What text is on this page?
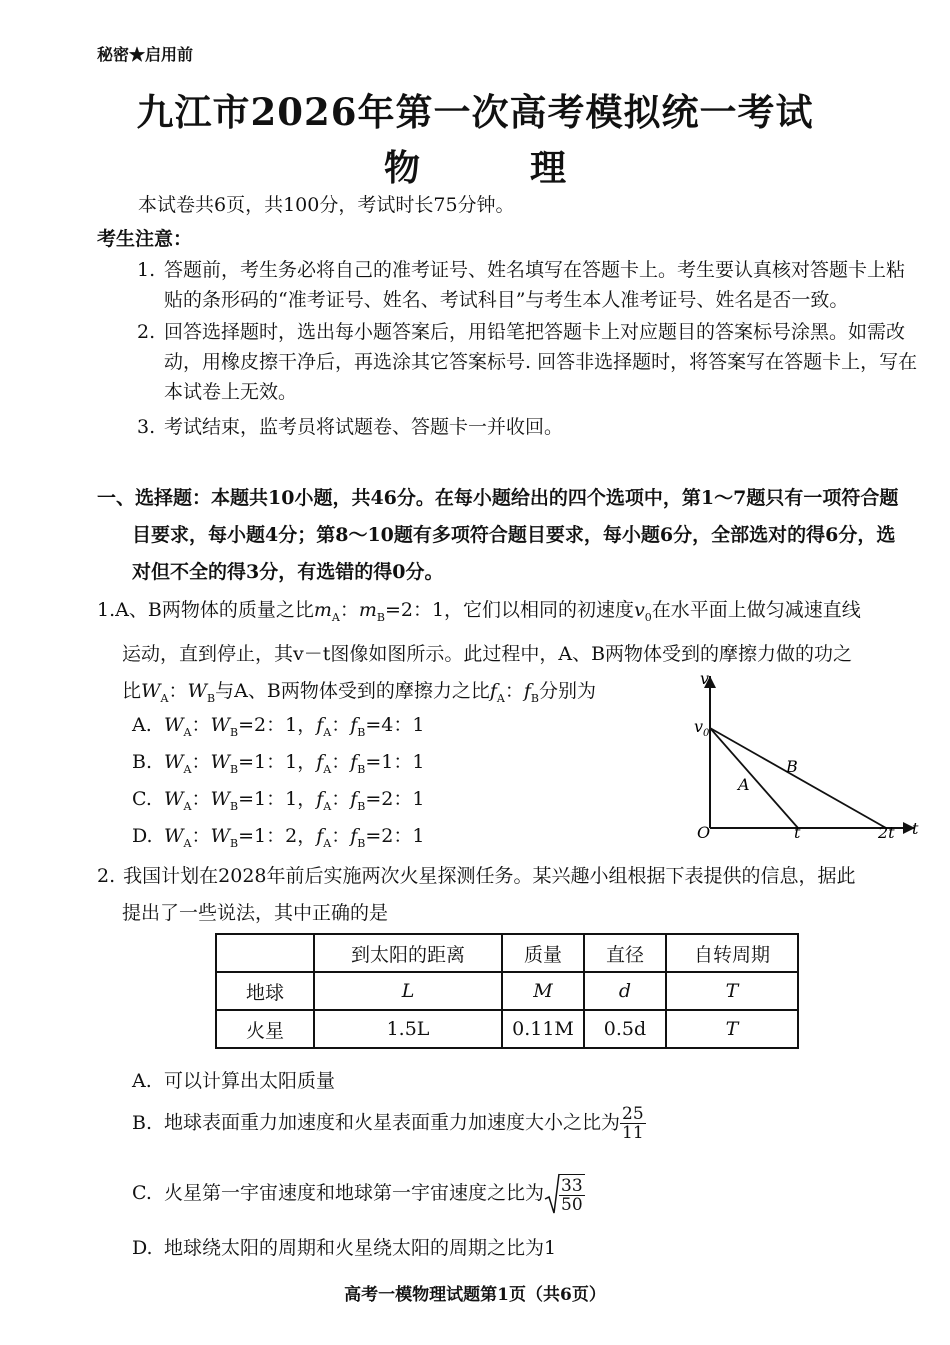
秘密★启用前
九江市2026年第一次高考模拟统一考试
物	理
本试卷共6页，共100分，考试时长75分钟。
考生注意：
1. 答题前，考生务必将自己的准考证号、姓名填写在答题卡上。考生要认真核对答题卡上粘贴的条形码的“准考证号、姓名、考试科目”与考生本人准考证号、姓名是否一致。
2. 回答选择题时，选出每小题答案后，用铅笔把答题卡上对应题目的答案标号涂黑。如需改动，用橡皮擦干净后，再选涂其它答案标号. 回答非选择题时，将答案写在答题卡上，写在本试卷上无效。
3. 考试结束，监考员将试题卷、答题卡一并收回。
一、选择题：本题共10小题，共46分。在每小题给出的四个选项中，第1～7题只有一项符合题
目要求，每小题4分；第8～10题有多项符合题目要求，每小题6分，全部选对的得6分，选
对但不全的得3分，有选错的得0分。
1.A、B两物体的质量之比$m_A$：$m_B=2$：1，它们以相同的初速度$v_0$在水平面上做匀减速直线
运动，直到停止，其v－t图像如图所示。此过程中，A、B两物体受到的摩擦力做的功之
比$W_A$：$W_B$与A、B两物体受到的摩擦力之比$f_A$：$f_B$分别为
A. $W_A$：$W_B=2$：1，$f_A$：$f_B=4$：1
B. $W_A$：$W_B=1$：1，$f_A$：$f_B=1$：1
C. $W_A$：$W_B=1$：1，$f_A$：$f_B=2$：1
D. $W_A$：$W_B=1$：2，$f_A$：$f_B=2$：1
v
t
O
$v_0$
t	2t
A
B
2. 我国计划在2028年前后实施两次火星探测任务。某兴趣小组根据下表提供的信息，据此
提出了一些说法，其中正确的是
	到太阳的距离	质量	直径	自转周期
地球	L	M	d	T
火星	1.5L	0.11M	0.5d	T
A. 可以计算出太阳质量
B. 地球表面重力加速度和火星表面重力加速度大小之比为 $\frac{25}{11}$
C. 火星第一宇宙速度和地球第一宇宙速度之比为 $\frac{33}{50}$
D. 地球绕太阳的周期和火星绕太阳的周期之比为1
高考一模物理试题第1页（共6页）
